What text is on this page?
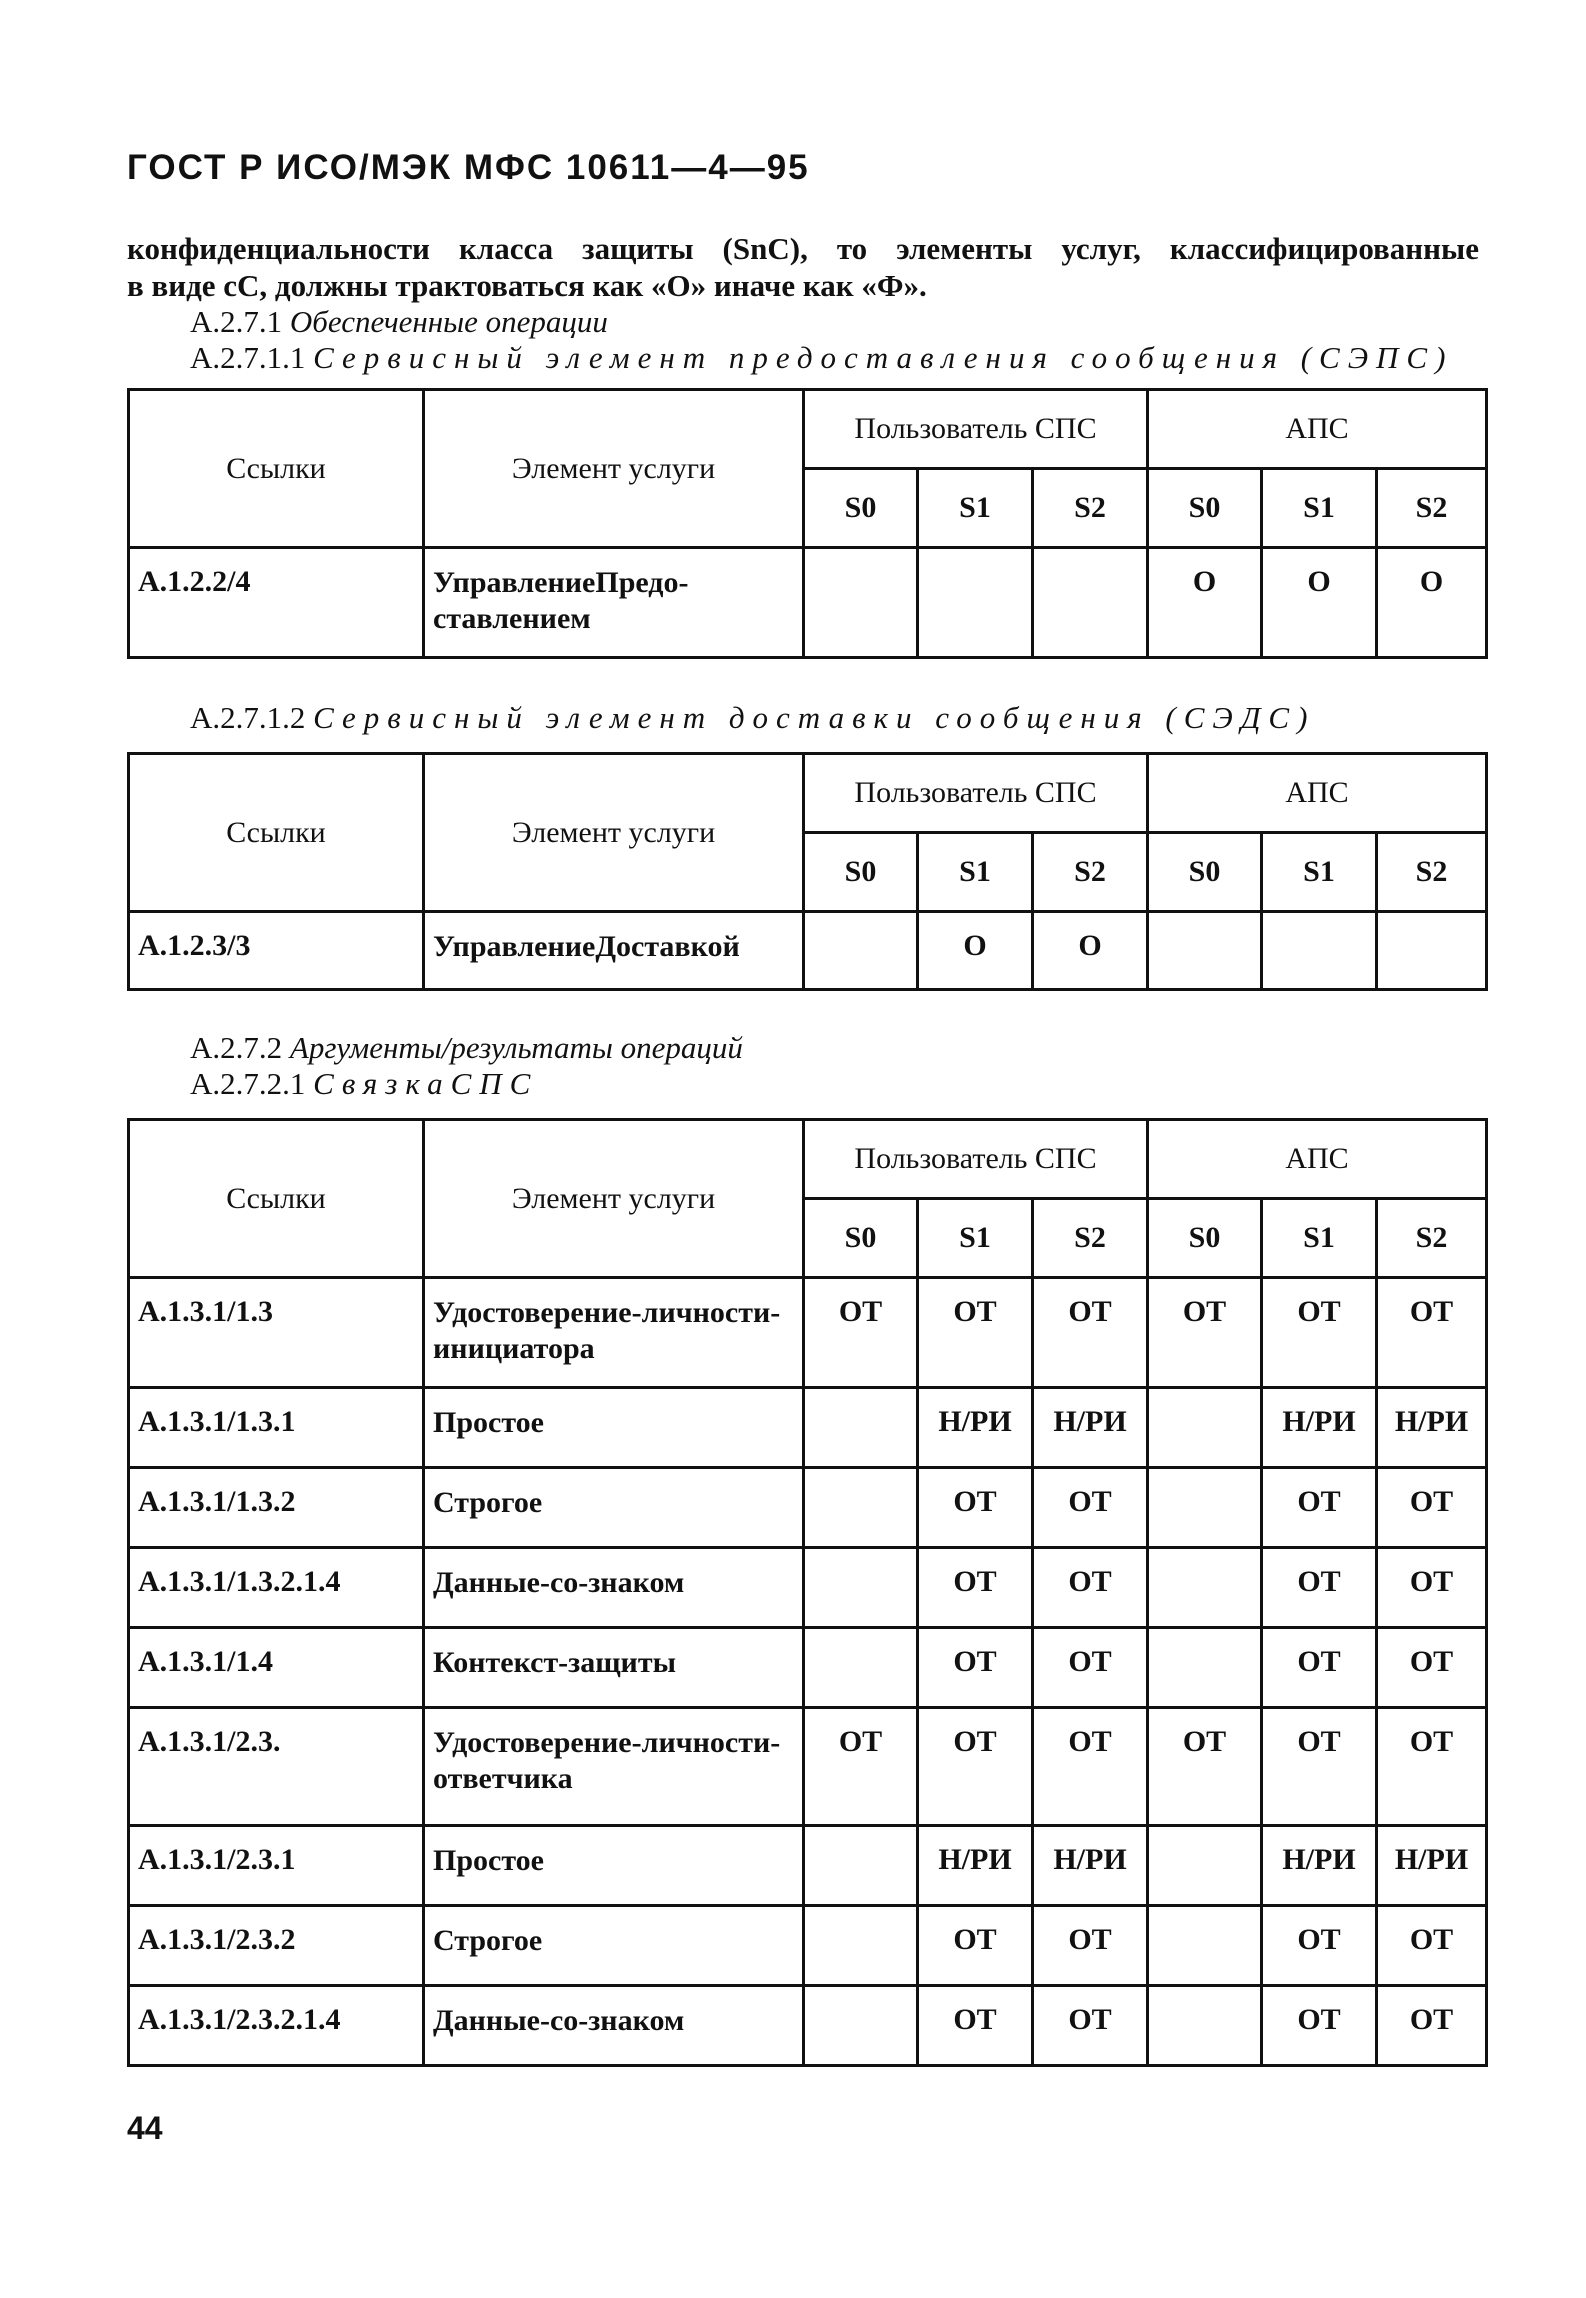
ГОСТ Р ИСО/МЭК МФС 10611—4—95
конфиденциальности класса защиты (SnC), то элементы услуг, классифицированные
в виде сС, должны трактоваться как «О» иначе как «Ф».
А.2.7.1 Обеспеченные операции
А.2.7.1.1 Сервисный элемент предоставления сообщения (СЭПС)
Ссылки	Элемент услуги	Пользователь СПС			АПС		
		S0	S1	S2	S0	S1	S2
А.1.2.2/4	УправлениеПредо-ставлением				О	О	О
А.2.7.1.2 Сервисный элемент доставки сообщения (СЭДС)
Ссылки	Элемент услуги	Пользователь СПС			АПС		
		S0	S1	S2	S0	S1	S2
А.1.2.3/3	УправлениеДоставкой		О	О			
А.2.7.2 Аргументы/результаты операций
А.2.7.2.1 СвязкаСПС
Ссылки	Элемент услуги	Пользователь СПС			АПС		
		S0	S1	S2	S0	S1	S2
А.1.3.1/1.3	Удостоверение-личности-инициатора	ОТ	ОТ	ОТ	ОТ	ОТ	ОТ
А.1.3.1/1.3.1	Простое		Н/РИ	Н/РИ		Н/РИ	Н/РИ
А.1.3.1/1.3.2	Строгое		ОТ	ОТ		ОТ	ОТ
А.1.3.1/1.3.2.1.4	Данные-со-знаком		ОТ	ОТ		ОТ	ОТ
А.1.3.1/1.4	Контекст-защиты		ОТ	ОТ		ОТ	ОТ
А.1.3.1/2.3.	Удостоверение-личности-ответчика	ОТ	ОТ	ОТ	ОТ	ОТ	ОТ
А.1.3.1/2.3.1	Простое		Н/РИ	Н/РИ		Н/РИ	Н/РИ
А.1.3.1/2.3.2	Строгое		ОТ	ОТ		ОТ	ОТ
А.1.3.1/2.3.2.1.4	Данные-со-знаком		ОТ	ОТ		ОТ	ОТ
44
